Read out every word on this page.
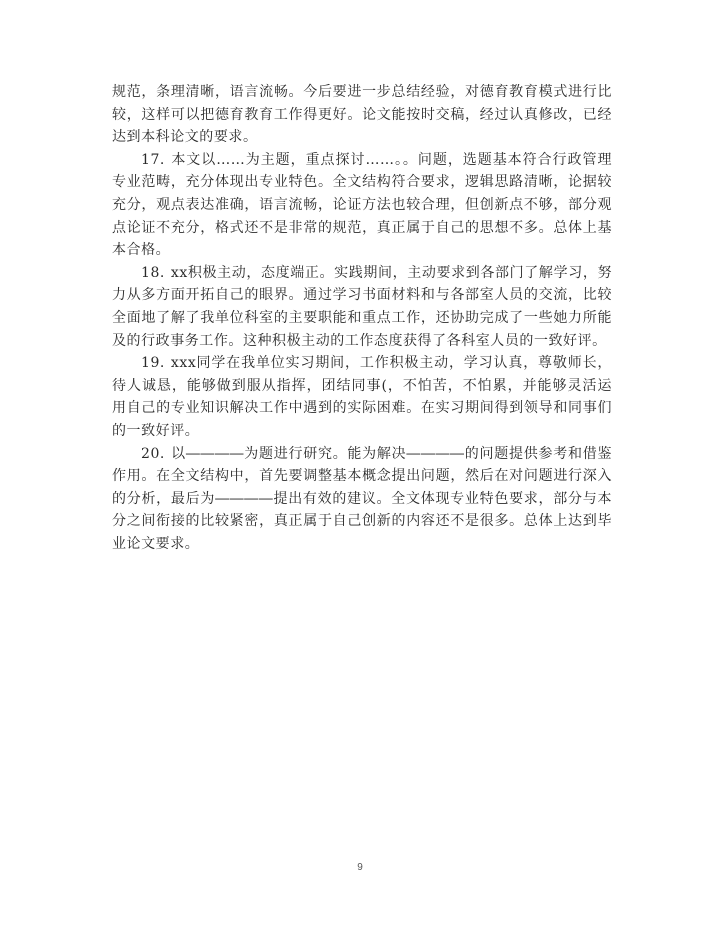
规范，条理清晰，语言流畅。今后要进一步总结经验，对德育教育模式进行比较，这样可以把德育教育工作得更好。论文能按时交稿，经过认真修改，已经达到本科论文的要求。

17. 本文以……为主题，重点探讨……。。问题，选题基本符合行政管理专业范畴，充分体现出专业特色。全文结构符合要求，逻辑思路清晰，论据较充分，观点表达准确，语言流畅，论证方法也较合理，但创新点不够，部分观点论证不充分，格式还不是非常的规范，真正属于自己的思想不多。总体上基本合格。

18. xx积极主动，态度端正。实践期间，主动要求到各部门了解学习，努力从多方面开拓自己的眼界。通过学习书面材料和与各部室人员的交流，比较全面地了解了我单位科室的主要职能和重点工作，还协助完成了一些她力所能及的行政事务工作。这种积极主动的工作态度获得了各科室人员的一致好评。

19. xxx同学在我单位实习期间，工作积极主动，学习认真，尊敬师长，待人诚恳，能够做到服从指挥，团结同事(，不怕苦，不怕累，并能够灵活运用自己的专业知识解决工作中遇到的实际困难。在实习期间得到领导和同事们的一致好评。

20. 以――――为题进行研究。能为解决――――的问题提供参考和借鉴作用。在全文结构中，首先要调整基本概念提出问题，然后在对问题进行深入的分析，最后为――――提出有效的建议。全文体现专业特色要求，部分与本分之间衔接的比较紧密，真正属于自己创新的内容还不是很多。总体上达到毕业论文要求。

9
